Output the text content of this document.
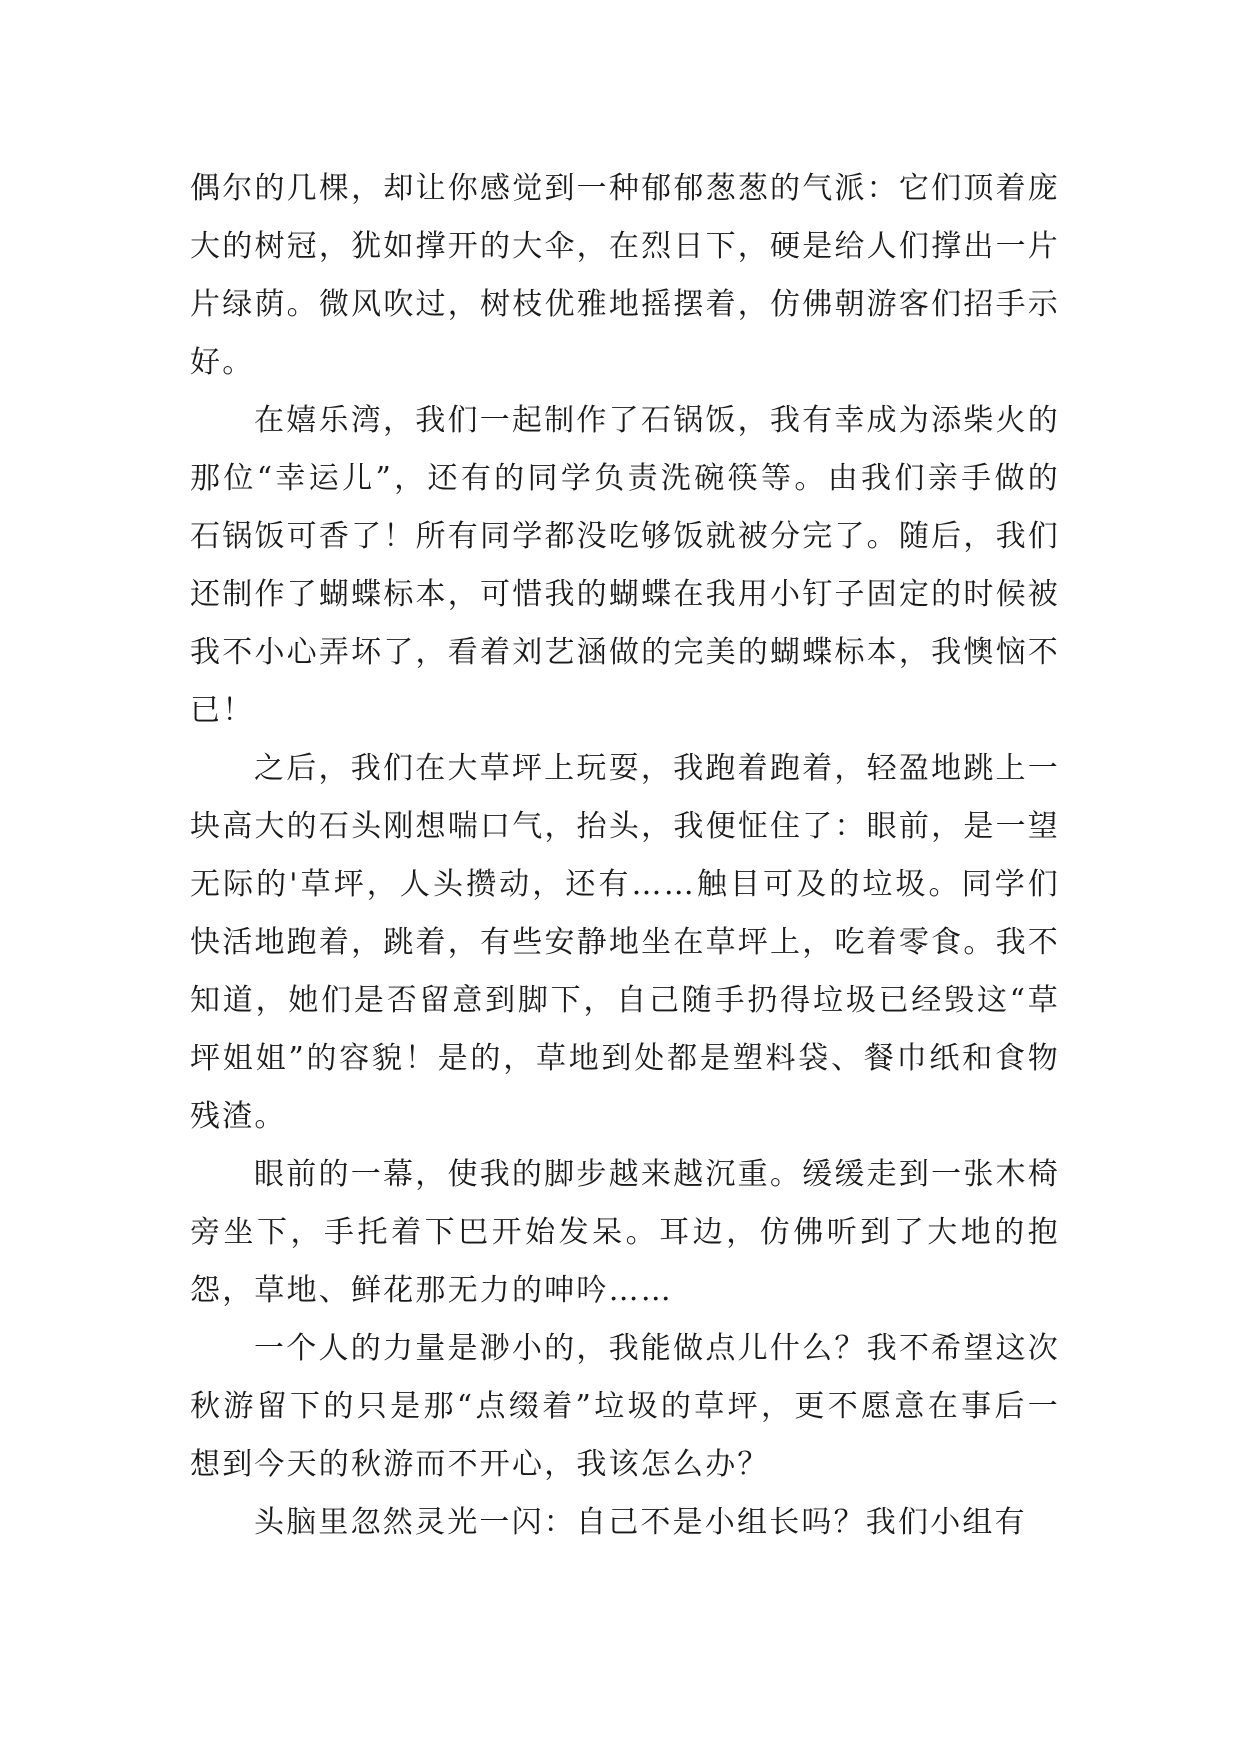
偶尔的几棵，却让你感觉到一种郁郁葱葱的气派：它们顶着庞大的树冠，犹如撑开的大伞，在烈日下，硬是给人们撑出一片片绿荫。微风吹过，树枝优雅地摇摆着，仿佛朝游客们招手示好。

在嬉乐湾，我们一起制作了石锅饭，我有幸成为添柴火的那位“幸运儿”，还有的同学负责洗碗筷等。由我们亲手做的石锅饭可香了！所有同学都没吃够饭就被分完了。随后，我们还制作了蝴蝶标本，可惜我的蝴蝶在我用小钉子固定的时候被我不小心弄坏了，看着刘艺涵做的完美的蝴蝶标本，我懊恼不已！

之后，我们在大草坪上玩耍，我跑着跑着，轻盈地跳上一块高大的石头刚想喘口气，抬头，我便怔住了：眼前，是一望无际的'草坪，人头攒动，还有……触目可及的垃圾。同学们快活地跑着，跳着，有些安静地坐在草坪上，吃着零食。我不知道，她们是否留意到脚下，自己随手扔得垃圾已经毁这“草坪姐姐”的容貌！是的，草地到处都是塑料袋、餐巾纸和食物残渣。

眼前的一幕，使我的脚步越来越沉重。缓缓走到一张木椅旁坐下，手托着下巴开始发呆。耳边，仿佛听到了大地的抱怨，草地、鲜花那无力的呻吟……

一个人的力量是渺小的，我能做点儿什么？我不希望这次秋游留下的只是那“点缀着”垃圾的草坪，更不愿意在事后一想到今天的秋游而不开心，我该怎么办？

头脑里忽然灵光一闪：自己不是小组长吗？我们小组有
